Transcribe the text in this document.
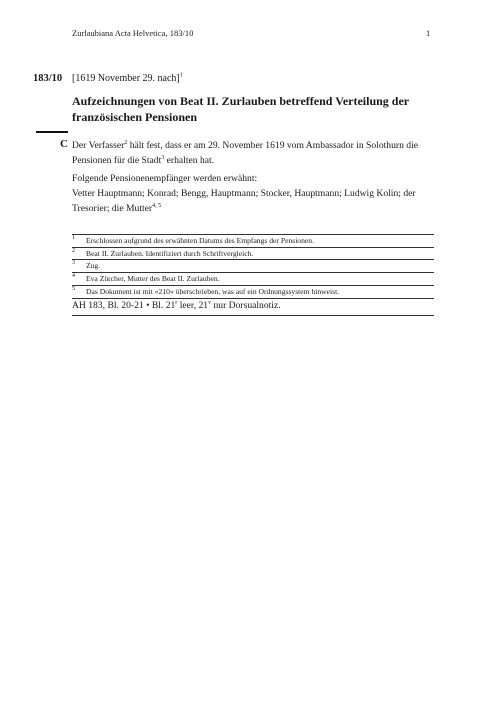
Zurlaubiana Acta Helvetica, 183/10	1
183/10 [1619 November 29. nach]$^1$
Aufzeichnungen von Beat II. Zurlauben betreffend Verteilung der französischen Pensionen
C Der Verfasser$^2$ hält fest, dass er am 29. November 1619 vom Ambassador in Solothurn die Pensionen für die Stadt$^3$ erhalten hat.
Folgende Pensionenempfänger werden erwähnt:
Vetter Hauptmann; Konrad; Bengg, Hauptmann; Stocker, Hauptmann; Ludwig Kolin; der Tresorier; die Mutter$^{4, 5}$
1	Erschlossen aufgrund des erwähnten Datums des Empfangs der Pensionen.
2	Beat II. Zurlauben. Identifiziert durch Schriftvergleich.
3	Zug.
4	Eva Zürcher, Mutter des Beat II. Zurlauben.
5	Das Dokument ist mit «210» überschrieben, was auf ein Ordnungssystem hinweist.
AH 183, Bl. 20-21 • Bl. 21$^r$ leer, 21$^v$ nur Dorsualnotiz.
